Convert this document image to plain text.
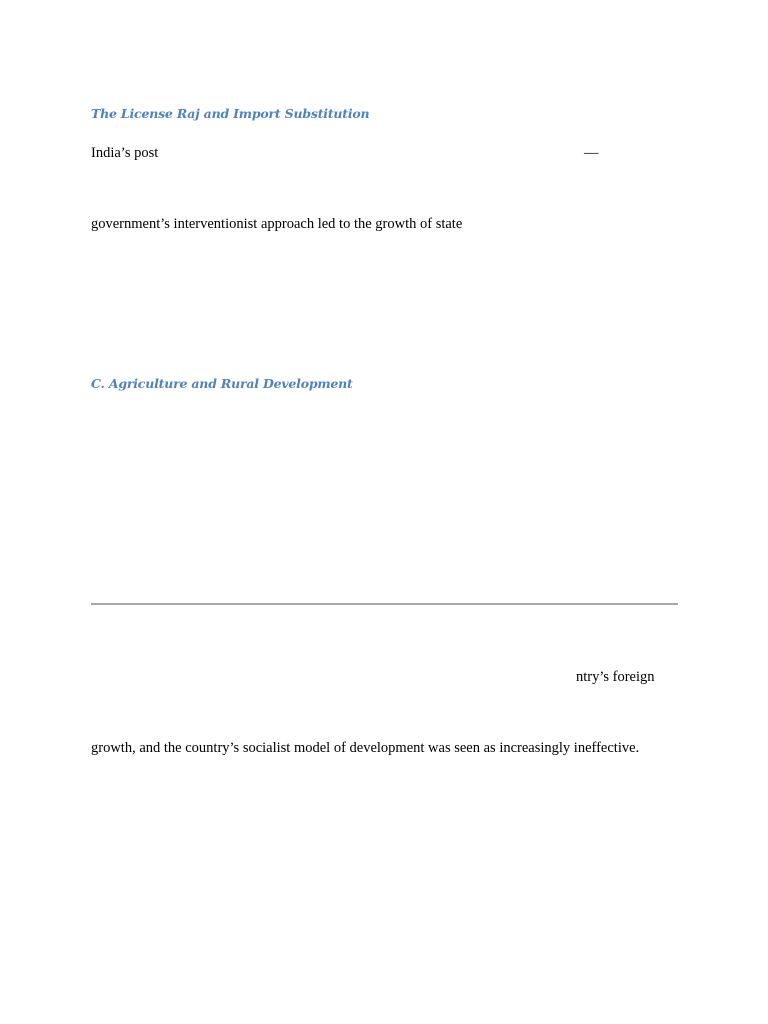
The License Raj and Import Substitution

India’s post	—

government’s interventionist approach led to the growth of state

C. Agriculture and Rural Development

ntry’s foreign

growth, and the country’s socialist model of development was seen as increasingly ineffective.
